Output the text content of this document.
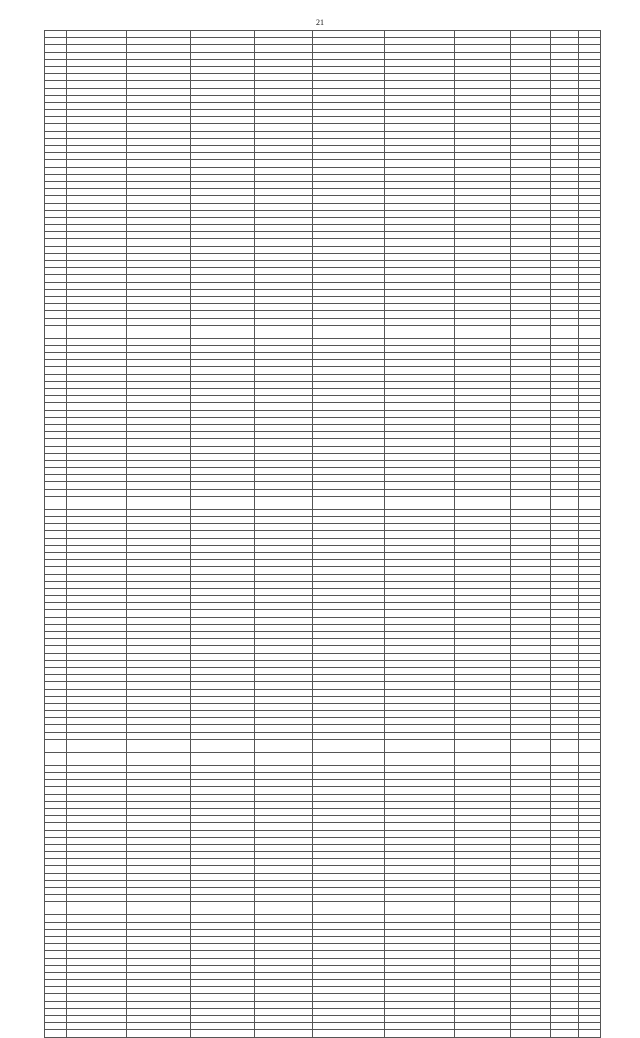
21
